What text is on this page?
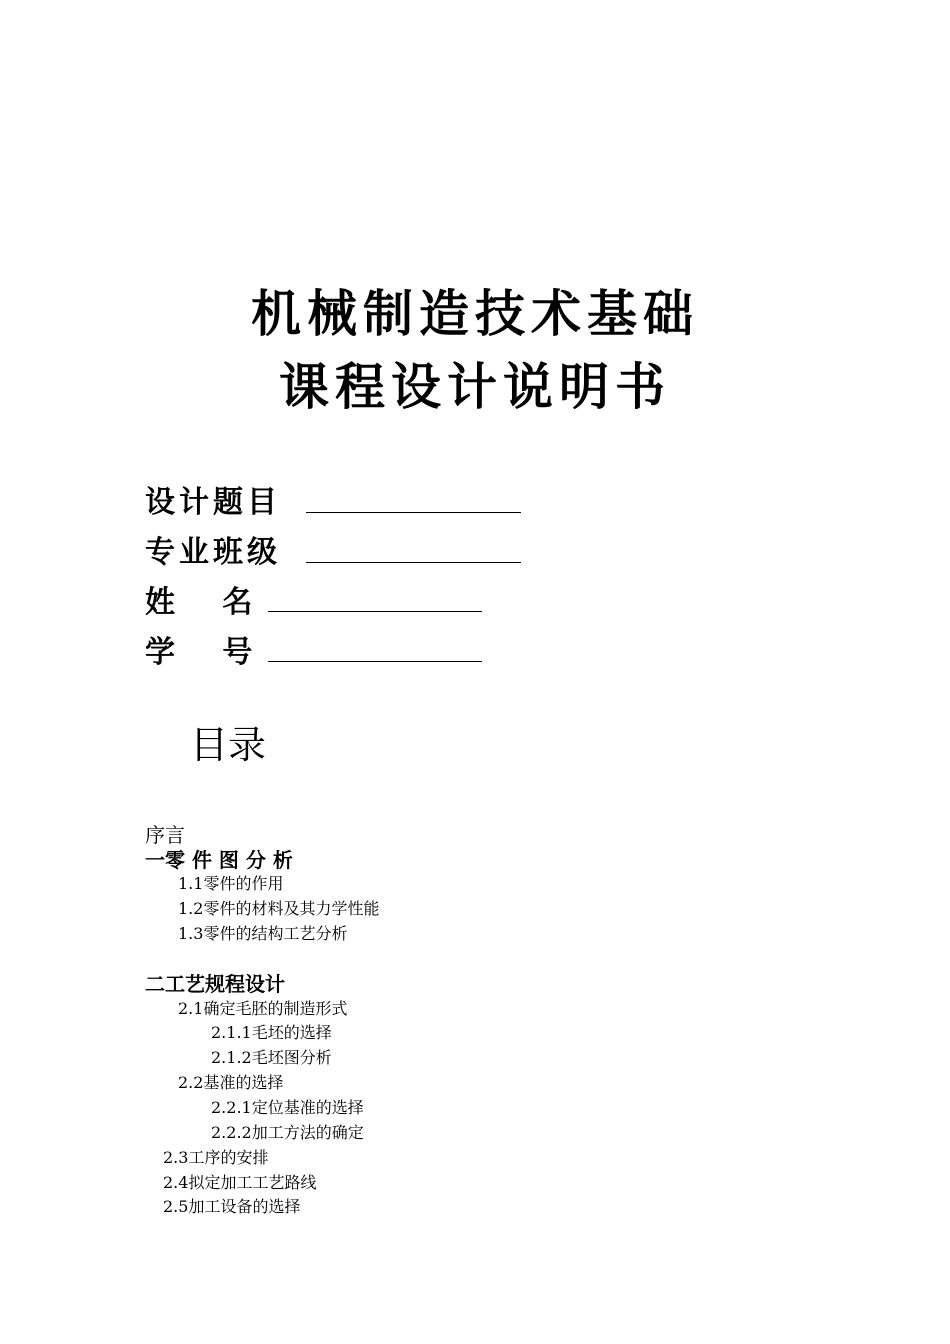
机械制造技术基础
课程设计说明书
设计题目
专业班级
姓   名
学   号
目录
序言
一零 件 图 分 析
1.1零件的作用
1.2零件的材料及其力学性能
1.3零件的结构工艺分析
二工艺规程设计
2.1确定毛胚的制造形式
2.1.1毛坯的选择
2.1.2毛坯图分析
2.2基准的选择
2.2.1定位基准的选择
2.2.2加工方法的确定
2.3工序的安排
2.4拟定加工工艺路线
2.5加工设备的选择
